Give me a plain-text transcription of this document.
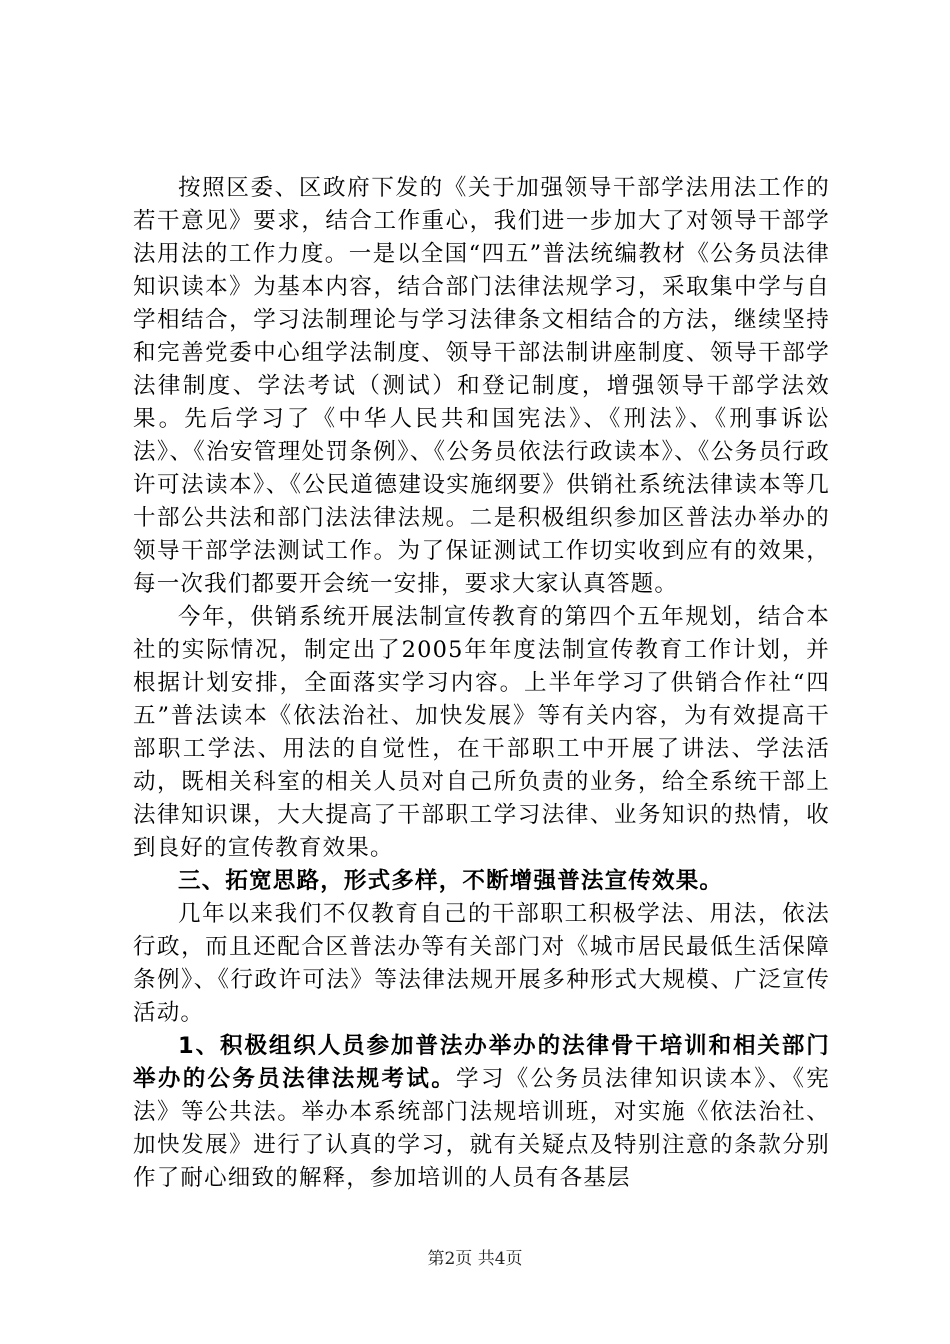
按照区委、区政府下发的《关于加强领导干部学法用法工作的若干意见》要求，结合工作重心，我们进一步加大了对领导干部学法用法的工作力度。一是以全国“四五”普法统编教材《公务员法律知识读本》为基本内容，结合部门法律法规学习，采取集中学与自学相结合，学习法制理论与学习法律条文相结合的方法，继续坚持和完善党委中心组学法制度、领导干部法制讲座制度、领导干部学法律制度、学法考试（测试）和登记制度，增强领导干部学法效果。先后学习了《中华人民共和国宪法》、《刑法》、《刑事诉讼法》、《治安管理处罚条例》、《公务员依法行政读本》、《公务员行政许可法读本》、《公民道德建设实施纲要》供销社系统法律读本等几十部公共法和部门法法律法规。二是积极组织参加区普法办举办的领导干部学法测试工作。为了保证测试工作切实收到应有的效果，每一次我们都要开会统一安排，要求大家认真答题。

今年，供销系统开展法制宣传教育的第四个五年规划，结合本社的实际情况，制定出了2005年年度法制宣传教育工作计划，并根据计划安排，全面落实学习内容。上半年学习了供销合作社“四五”普法读本《依法治社、加快发展》等有关内容，为有效提高干部职工学法、用法的自觉性，在干部职工中开展了讲法、学法活动，既相关科室的相关人员对自己所负责的业务，给全系统干部上法律知识课，大大提高了干部职工学习法律、业务知识的热情，收到良好的宣传教育效果。

三、拓宽思路，形式多样，不断增强普法宣传效果。

几年以来我们不仅教育自己的干部职工积极学法、用法，依法行政，而且还配合区普法办等有关部门对《城市居民最低生活保障条例》、《行政许可法》等法律法规开展多种形式大规模、广泛宣传活动。

1、积极组织人员参加普法办举办的法律骨干培训和相关部门举办的公务员法律法规考试。学习《公务员法律知识读本》、《宪法》等公共法。举办本系统部门法规培训班，对实施《依法治社、加快发展》进行了认真的学习，就有关疑点及特别注意的条款分别作了耐心细致的解释，参加培训的人员有各基层

第2页 共4页
